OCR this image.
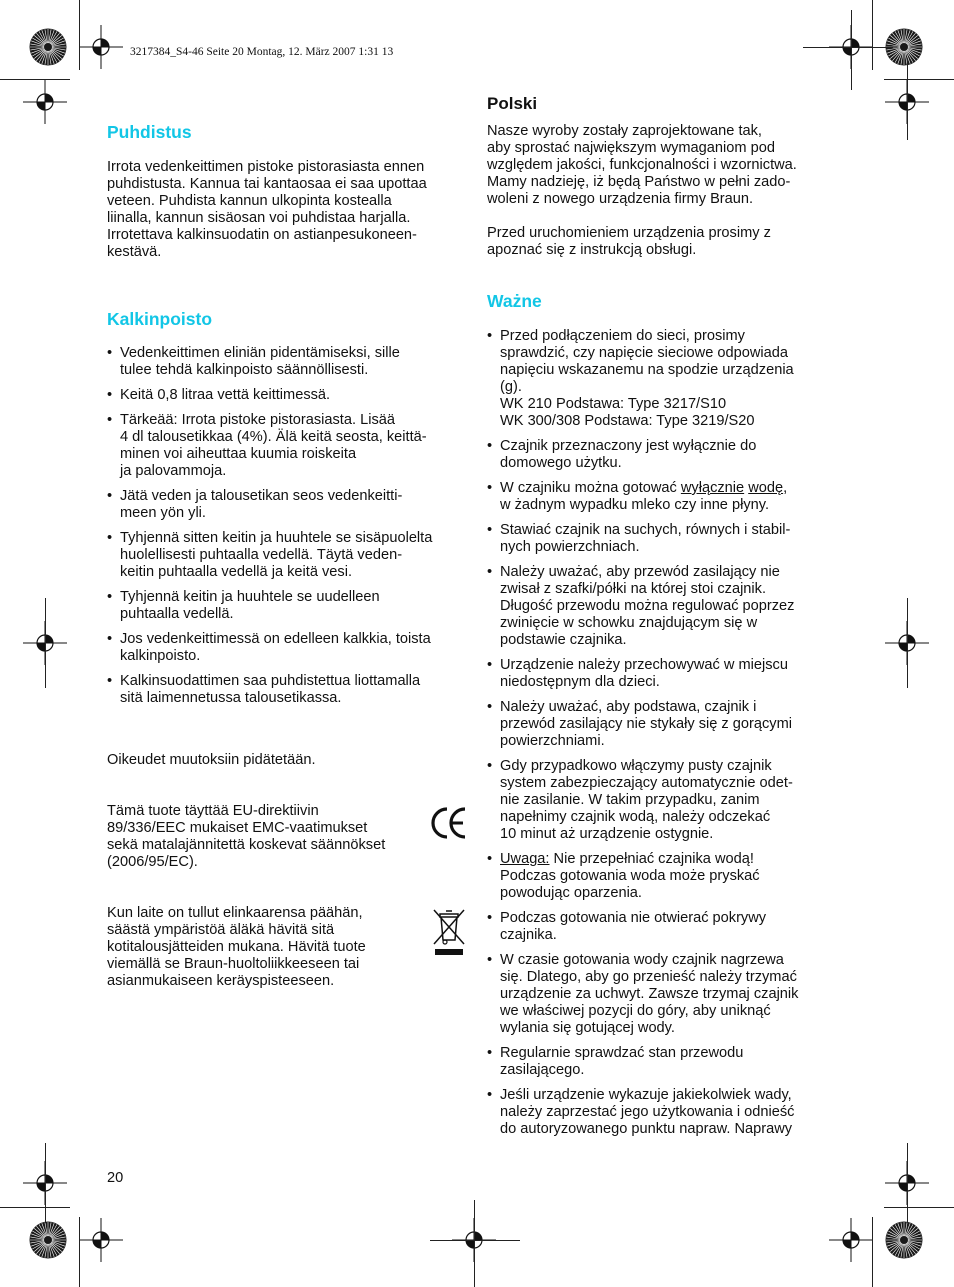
3217384_S4-46 Seite 20 Montag, 12. März 2007 1:31 13
Puhdistus
Irrota vedenkeittimen pistoke pistorasiasta ennen
puhdistusta. Kannua tai kantaosaa ei saa upottaa
veteen. Puhdista kannun ulkopinta kostealla
liinalla, kannun sisäosan voi puhdistaa harjalla.
Irrotettava kalkinsuodatin on astianpesukoneen-
kestävä.
Kalkinpoisto
• Vedenkeittimen eliniän pidentämiseksi, sille
tulee tehdä kalkinpoisto säännöllisesti.
• Keitä 0,8 litraa vettä keittimessä.
• Tärkeää: Irrota pistoke pistorasiasta. Lisää
4 dl talousetikkaa (4%). Älä keitä seosta, keittä-
minen voi aiheuttaa kuumia roiskeita
ja palovammoja.
• Jätä veden ja talousetikan seos vedenkeitti-
meen yön yli.
• Tyhjennä sitten keitin ja huuhtele se sisäpuolelta
huolellisesti puhtaalla vedellä. Täytä veden-
keitin puhtaalla vedellä ja keitä vesi.
• Tyhjennä keitin ja huuhtele se uudelleen
puhtaalla vedellä.
• Jos vedenkeittimessä on edelleen kalkkia, toista
kalkinpoisto.
• Kalkinsuodattimen saa puhdistettua liottamalla
sitä laimennetussa talousetikassa.
Oikeudet muutoksiin pidätetään.
Tämä tuote täyttää EU-direktiivin
89/336/EEC mukaiset EMC-vaatimukset
sekä matalajännitettä koskevat säännökset
(2006/95/EC).
Kun laite on tullut elinkaarensa päähän,
säästä ympäristöä äläkä hävitä sitä
kotitalousjätteiden mukana. Hävitä tuote
viemällä se Braun-huoltoliikkeeseen tai
asianmukaiseen keräyspisteeseen.
Polski
Nasze wyroby zostały zaprojektowane tak,
aby sprostać największym wymaganiom pod
względem jakości, funkcjonalności i wzornictwa.
Mamy nadzieję, iż będą Państwo w pełni zado-
woleni z nowego urządzenia firmy Braun.
Przed uruchomieniem urządzenia prosimy z
apoznać się z instrukcją obsługi.
Ważne
• Przed podłączeniem do sieci, prosimy
sprawdzić, czy napięcie sieciowe odpowiada
napięciu wskazanemu na spodzie urządzenia
(g).
WK 210 Podstawa: Type 3217/S10
WK 300/308 Podstawa: Type 3219/S20
• Czajnik przeznaczony jest wyłącznie do
domowego użytku.
• W czajniku można gotować wyłącznie wodę,
w żadnym wypadku mleko czy inne płyny.
• Stawiać czajnik na suchych, równych i stabil-
nych powierzchniach.
• Należy uważać, aby przewód zasilający nie
zwisał z szafki/półki na której stoi czajnik.
Długość przewodu można regulować poprzez
zwinięcie w schowku znajdującym się w
podstawie czajnika.
• Urządzenie należy przechowywać w miejscu
niedostępnym dla dzieci.
• Należy uważać, aby podstawa, czajnik i
przewód zasilający nie stykały się z gorącymi
powierzchniami.
• Gdy przypadkowo włączymy pusty czajnik
system zabezpieczający automatycznie odet-
nie zasilanie. W takim przypadku, zanim
napełnimy czajnik wodą, należy odczekać
10 minut aż urządzenie ostygnie.
• Uwaga: Nie przepełniać czajnika wodą!
Podczas gotowania woda może pryskać
powodując oparzenia.
• Podczas gotowania nie otwierać pokrywy
czajnika.
• W czasie gotowania wody czajnik nagrzewa
się. Dlatego, aby go przenieść należy trzymać
urządzenie za uchwyt. Zawsze trzymaj czajnik
we właściwej pozycji do góry, aby uniknąć
wylania się gotującej wody.
• Regularnie sprawdzać stan przewodu
zasilającego.
• Jeśli urządzenie wykazuje jakiekolwiek wady,
należy zaprzestać jego użytkowania i odnieść
do autoryzowanego punktu napraw. Naprawy
20
